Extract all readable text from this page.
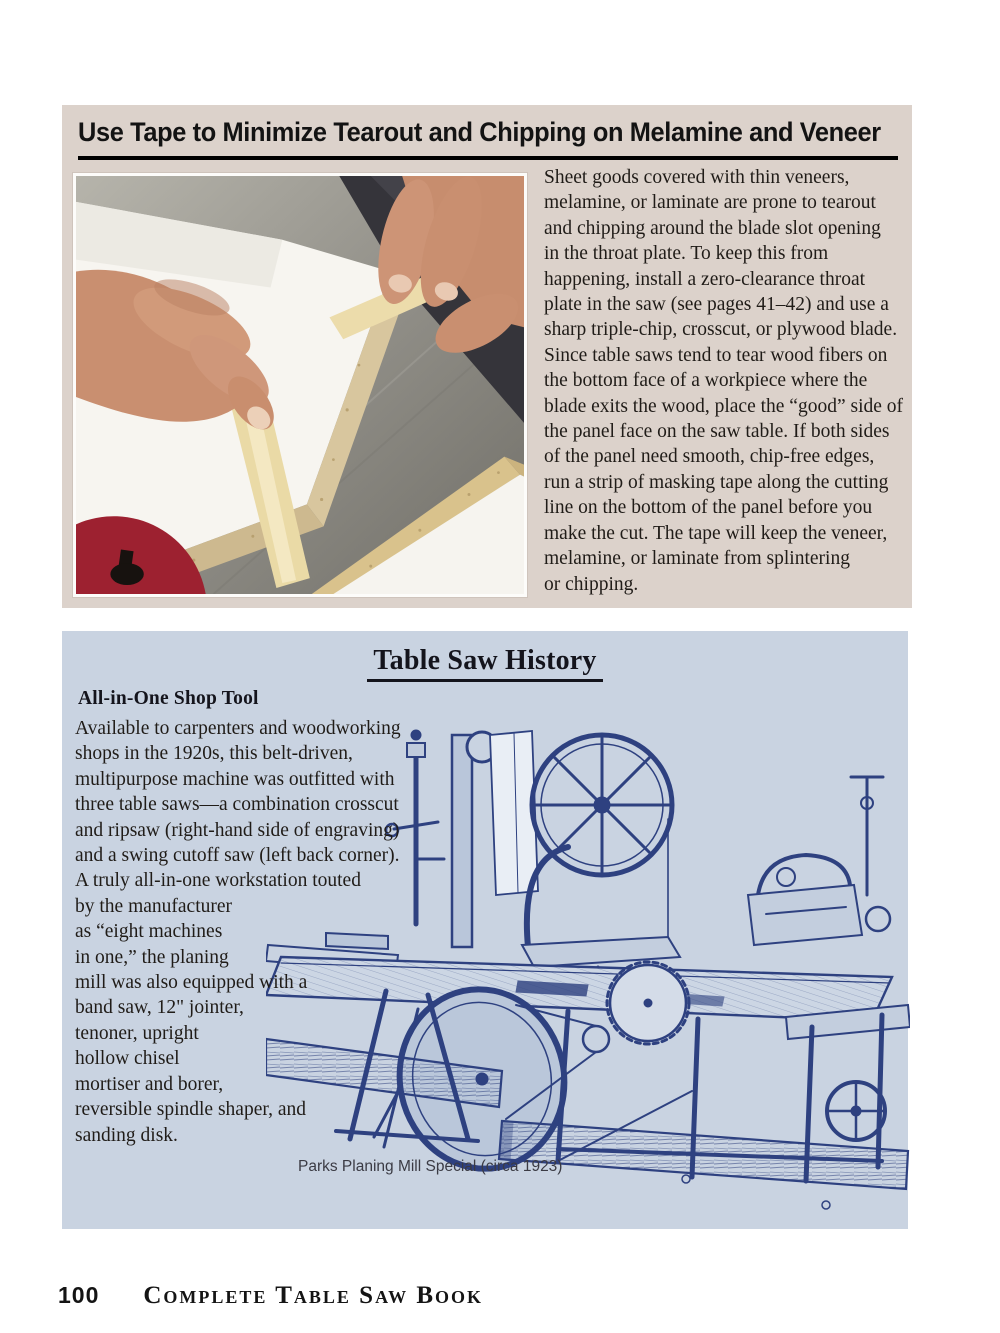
Use Tape to Minimize Tearout and Chipping on Melamine and Veneer
Sheet goods covered with thin veneers,
melamine, or laminate are prone to tearout
and chipping around the blade slot opening
in the throat plate. To keep this from
happening, install a zero-clearance throat
plate in the saw (see pages 41–42) and use a
sharp triple-chip, crosscut, or plywood blade.
Since table saws tend to tear wood fibers on
the bottom face of a workpiece where the
blade exits the wood, place the “good” side of
the panel face on the saw table. If both sides
of the panel need smooth, chip-free edges,
run a strip of masking tape along the cutting
line on the bottom of the panel before you
make the cut. The tape will keep the veneer,
melamine, or laminate from splintering
or chipping.
Table Saw History
All-in-One Shop Tool
Available to carpenters and woodworking
shops in the 1920s, this belt-driven,
multipurpose machine was outfitted with
three table saws—a combination crosscut
and ripsaw (right-hand side of engraving)
and a swing cutoff saw (left back corner).
A truly all-in-one workstation touted
by the manufacturer
as “eight machines
in one,” the planing
mill was also equipped with a
band saw, 12" jointer,
tenoner, upright
hollow chisel
mortiser and borer,
reversible spindle shaper, and
sanding disk.
Parks Planing Mill Special (circa 1923)
100 Complete Table Saw Book
